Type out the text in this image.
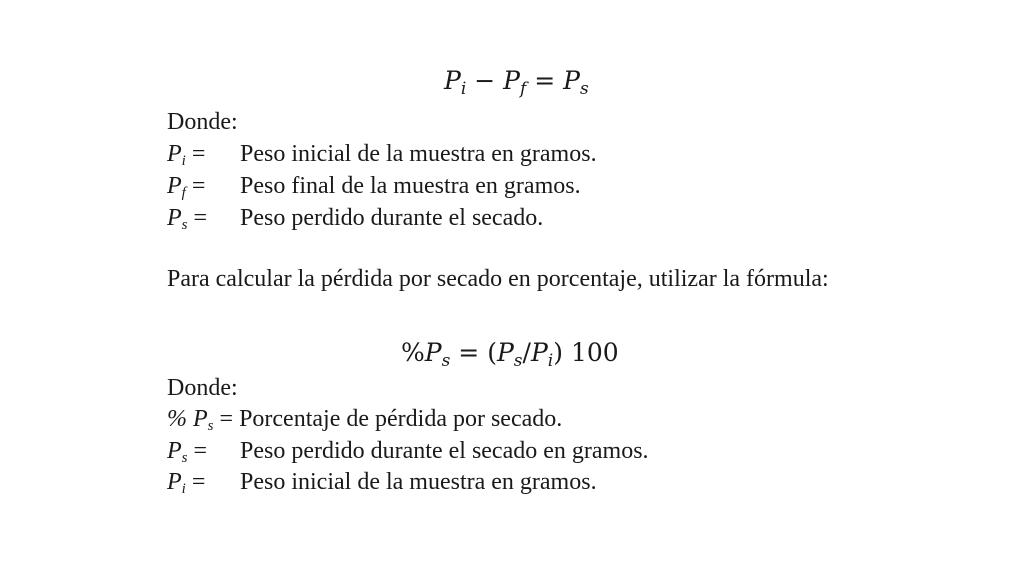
$P_i - P_f = P_s$
Donde:
$P_i$ = Peso inicial de la muestra en gramos.
$P_f$ = Peso final de la muestra en gramos.
$P_s$ = Peso perdido durante el secado.
Para calcular la pérdida por secado en porcentaje, utilizar la fórmula:
$\%P_s = (P_s/P_i)$ 100
Donde:
% $P_s$ = Porcentaje de pérdida por secado.
$P_s$ = Peso perdido durante el secado en gramos.
$P_i$ = Peso inicial de la muestra en gramos.
